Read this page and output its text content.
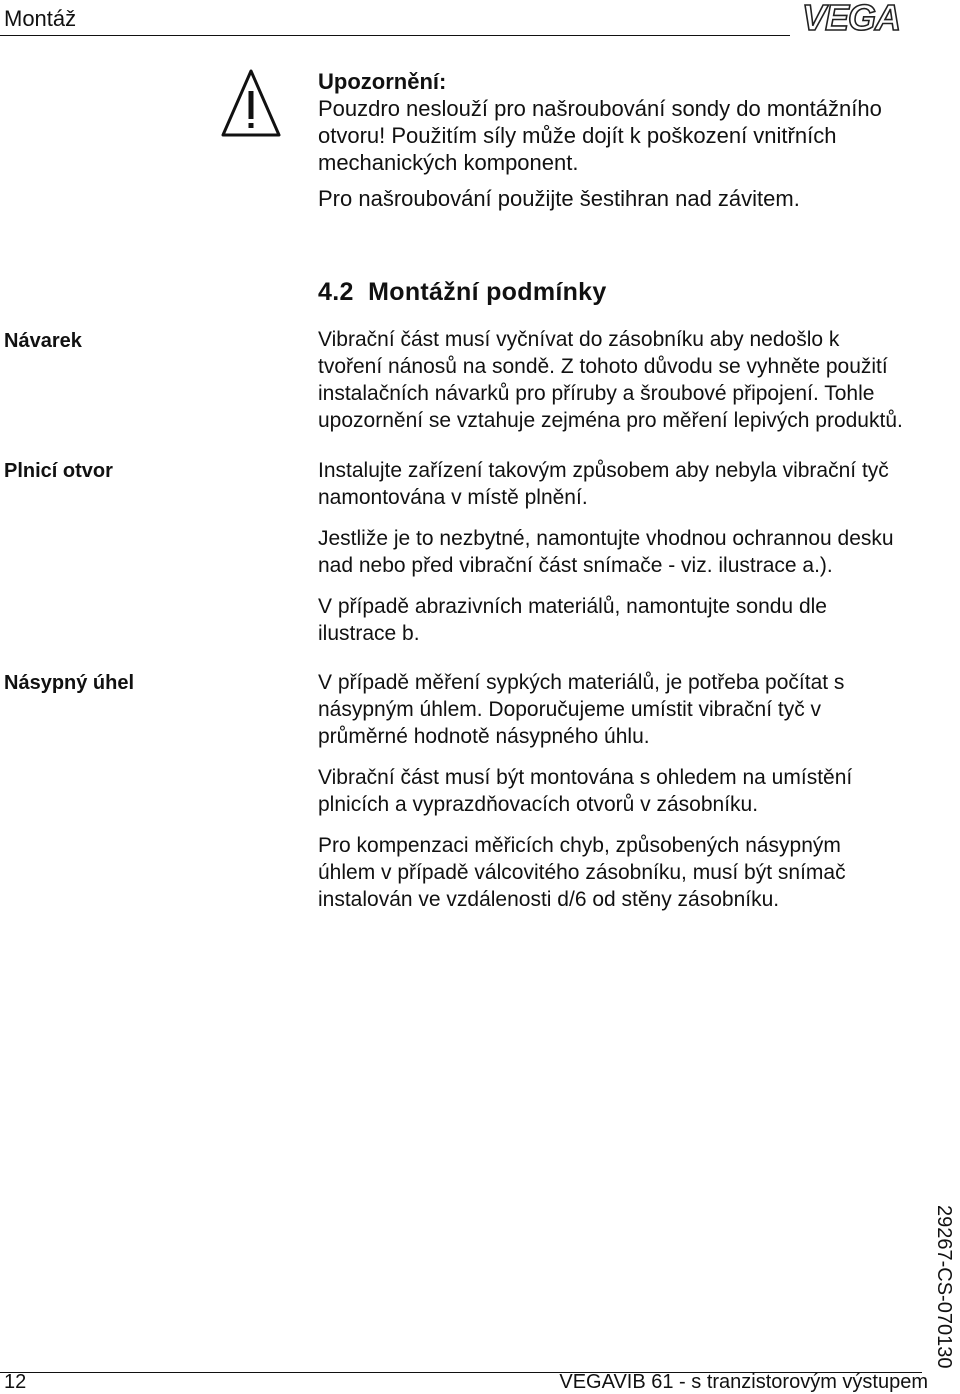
Montáž	VEGA

Upozornění:

Pouzdro neslouží pro našroubování sondy do montážního

otvoru! Použitím síly může dojít k poškození vnitřních

mechanických komponent.

Pro našroubování použijte šestihran nad závitem.

4.2  Montážní podmínky
Návarek
Plnicí otvor
Násypný úhel
Vibrační část musí vyčnívat do zásobníku aby nedošlo k
tvoření nánosů na sondě. Z tohoto důvodu se vyhněte použití
instalačních návarků pro příruby a šroubové připojení. Tohle
upozornění se vztahuje zejména pro měření lepivých produktů.
Instalujte zařízení takovým způsobem aby nebyla vibrační tyč
namontována v místě plnění.
Jestliže je to nezbytné, namontujte vhodnou ochrannou desku
nad nebo před vibrační část snímače - viz. ilustrace a.).
V případě abrazivních materiálů, namontujte sondu dle
ilustrace b.
V případě měření sypkých materiálů, je potřeba počítat s
násypným úhlem. Doporučujeme umístit vibrační tyč v
průměrné hodnotě násypného úhlu.
Vibrační část musí být montována s ohledem na umístění
plnicích a vyprazdňovacích otvorů v zásobníku.
Pro kompenzaci měřicích chyb, způsobených násypným
úhlem v případě válcovitého zásobníku, musí být snímač
instalován ve vzdálenosti d/6 od stěny zásobníku.
29267-CS-070130
12	VEGAVIB 61 - s tranzistorovým výstupem
